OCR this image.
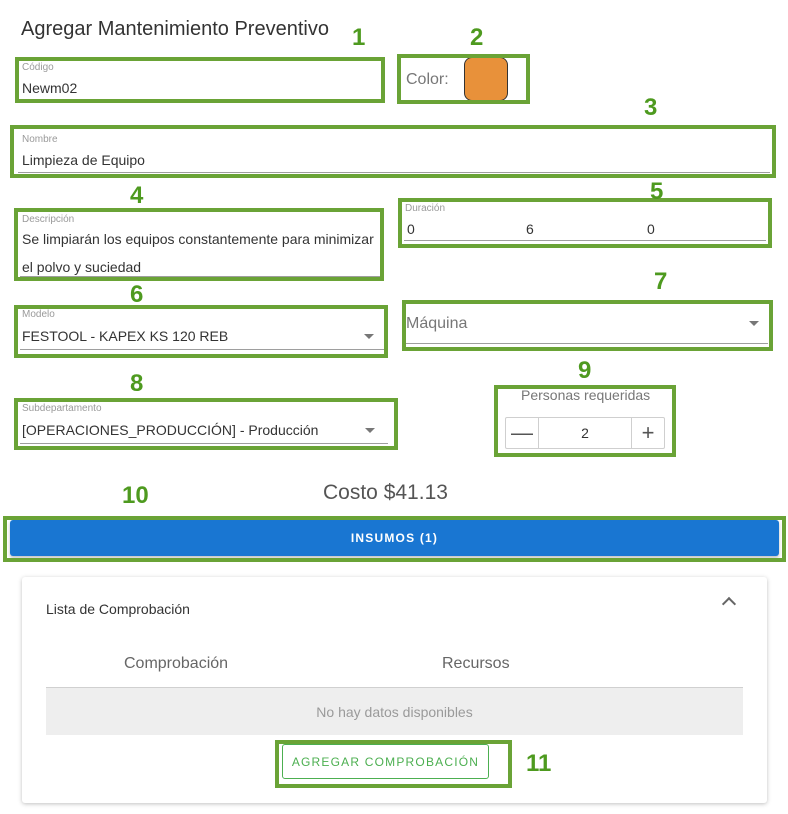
Agregar Mantenimiento Preventivo
Código
Newm02
1
Color:
2
Nombre
Limpieza de Equipo
3
Descripción
Se limpiarán los equipos constantemente para minimizar
el polvo y suciedad
4	Duración
0	6	0
5
Modelo
FESTOOL - KAPEX KS 120 REB
6
Máquina
7
Subdepartamento
[OPERACIONES_PRODUCCIÓN] - Producción
8	Personas requeridas
—	2	+
9
Costo $41.13
INSUMOS (1)
10
Lista de Comprobación
Comprobación	Recursos
No hay datos disponibles
AGREGAR COMPROBACIÓN	11
